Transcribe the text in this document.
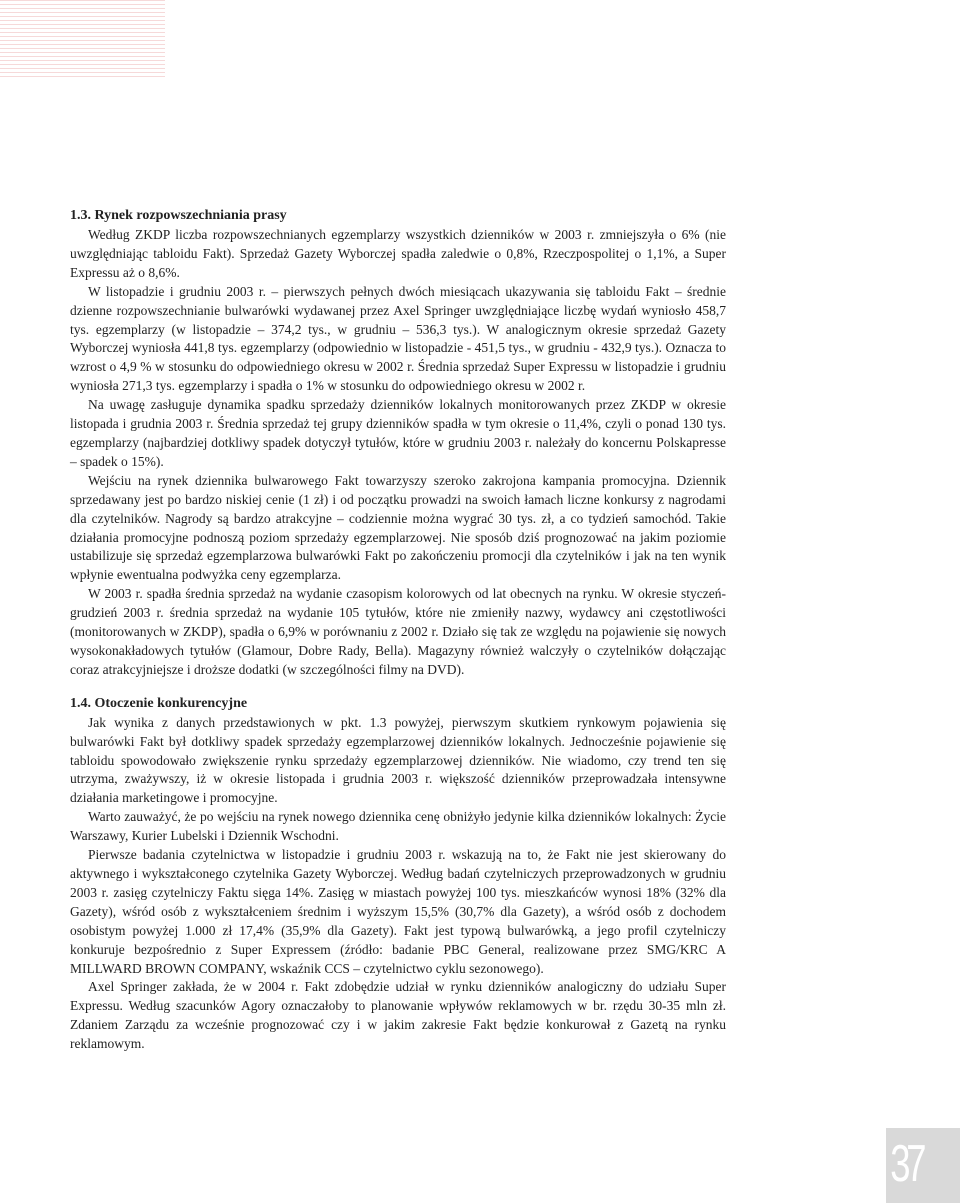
1.3. Rynek rozpowszechniania prasy

Według ZKDP liczba rozpowszechnianych egzemplarzy wszystkich dzienników w 2003 r. zmniejszyła o 6% (nie uwzględniając tabloidu Fakt). Sprzedaż Gazety Wyborczej spadła zaledwie o 0,8%, Rzeczpospolitej o 1,1%, a Super Expressu aż o 8,6%.

W listopadzie i grudniu 2003 r. – pierwszych pełnych dwóch miesiącach ukazywania się tabloidu Fakt – średnie dzienne rozpowszechnianie bulwarówki wydawanej przez Axel Springer uwzględniające liczbę wydań wyniosło 458,7 tys. egzemplarzy (w listopadzie – 374,2 tys., w grudniu – 536,3 tys.). W analogicznym okresie sprzedaż Gazety Wyborczej wyniosła 441,8 tys. egzemplarzy (odpowiednio w listopadzie - 451,5 tys., w grudniu - 432,9 tys.). Oznacza to wzrost o 4,9 % w stosunku do odpowiedniego okresu w 2002 r. Średnia sprzedaż Super Expressu w listopadzie i grudniu wyniosła 271,3 tys. egzemplarzy i spadła o 1% w stosunku do odpowiedniego okresu w 2002 r.

Na uwagę zasługuje dynamika spadku sprzedaży dzienników lokalnych monitorowanych przez ZKDP w okresie listopada i grudnia 2003 r. Średnia sprzedaż tej grupy dzienników spadła w tym okresie o 11,4%, czyli o ponad 130 tys. egzemplarzy (najbardziej dotkliwy spadek dotyczył tytułów, które w grudniu 2003 r. należały do koncernu Polskapresse – spadek o 15%).

Wejściu na rynek dziennika bulwarowego Fakt towarzyszy szeroko zakrojona kampania promocyjna. Dziennik sprzedawany jest po bardzo niskiej cenie (1 zł) i od początku prowadzi na swoich łamach liczne konkursy z nagrodami dla czytelników. Nagrody są bardzo atrakcyjne – codziennie można wygrać 30 tys. zł, a co tydzień samochód. Takie działania promocyjne podnoszą poziom sprzedaży egzemplarzowej. Nie sposób dziś prognozować na jakim poziomie ustabilizuje się sprzedaż egzemplarzowa bulwarówki Fakt po zakończeniu promocji dla czytelników i jak na ten wynik wpłynie ewentualna podwyżka ceny egzemplarza.

W 2003 r. spadła średnia sprzedaż na wydanie czasopism kolorowych od lat obecnych na rynku. W okresie styczeń-grudzień 2003 r. średnia sprzedaż na wydanie 105 tytułów, które nie zmieniły nazwy, wydawcy ani częstotliwości (monitorowanych w ZKDP), spadła o 6,9% w porównaniu z 2002 r. Działo się tak ze względu na pojawienie się nowych wysokonakładowych tytułów (Glamour, Dobre Rady, Bella). Magazyny również walczyły o czytelników dołączając coraz atrakcyjniejsze i droższe dodatki (w szczególności filmy na DVD).

1.4. Otoczenie konkurencyjne

Jak wynika z danych przedstawionych w pkt. 1.3 powyżej, pierwszym skutkiem rynkowym pojawienia się bulwarówki Fakt był dotkliwy spadek sprzedaży egzemplarzowej dzienników lokalnych. Jednocześnie pojawienie się tabloidu spowodowało zwiększenie rynku sprzedaży egzemplarzowej dzienników. Nie wiadomo, czy trend ten się utrzyma, zważywszy, iż w okresie listopada i grudnia 2003 r. większość dzienników przeprowadzała intensywne działania marketingowe i promocyjne.

Warto zauważyć, że po wejściu na rynek nowego dziennika cenę obniżyło jedynie kilka dzienników lokalnych: Życie Warszawy, Kurier Lubelski i Dziennik Wschodni.

Pierwsze badania czytelnictwa w listopadzie i grudniu 2003 r. wskazują na to, że Fakt nie jest skierowany do aktywnego i wykształconego czytelnika Gazety Wyborczej. Według badań czytelniczych przeprowadzonych w grudniu 2003 r. zasięg czytelniczy Faktu sięga 14%. Zasięg w miastach powyżej 100 tys. mieszkańców wynosi 18% (32% dla Gazety), wśród osób z wykształceniem średnim i wyższym 15,5% (30,7% dla Gazety), a wśród osób z dochodem osobistym powyżej 1.000 zł 17,4% (35,9% dla Gazety). Fakt jest typową bulwarówką, a jego profil czytelniczy konkuruje bezpośrednio z Super Expressem (źródło: badanie PBC General, realizowane przez SMG/KRC A MILLWARD BROWN COMPANY, wskaźnik CCS – czytelnictwo cyklu sezonowego).

Axel Springer zakłada, że w 2004 r. Fakt zdobędzie udział w rynku dzienników analogiczny do udziału Super Expressu. Według szacunków Agory oznaczałoby to planowanie wpływów reklamowych w br. rzędu 30-35 mln zł. Zdaniem Zarządu za wcześnie prognozować czy i w jakim zakresie Fakt będzie konkurował z Gazetą na rynku reklamowym.

37
